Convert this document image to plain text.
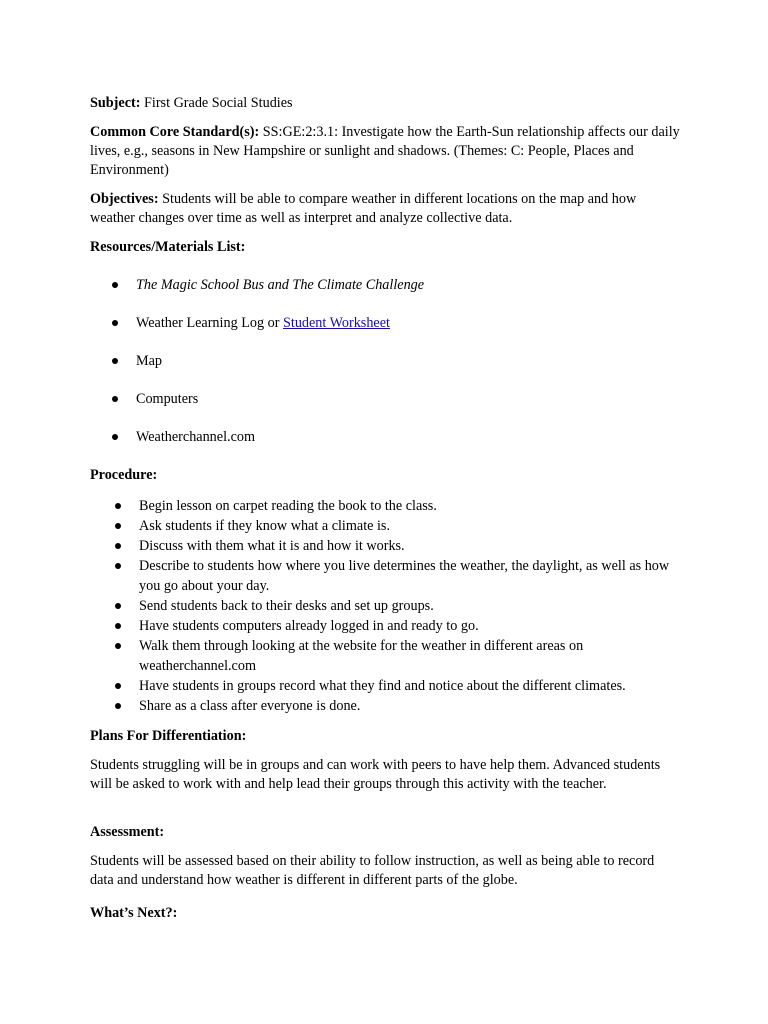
Subject: First Grade Social Studies

Common Core Standard(s): SS:GE:2:3.1: Investigate how the Earth-Sun relationship affects our daily lives, e.g., seasons in New Hampshire or sunlight and shadows. (Themes: C: People, Places and Environment)

Objectives: Students will be able to compare weather in different locations on the map and how weather changes over time as well as interpret and analyze collective data.

Resources/Materials List:

The Magic School Bus and The Climate Challenge
Weather Learning Log or Student Worksheet
Map
Computers
Weatherchannel.com

Procedure:

Begin lesson on carpet reading the book to the class.
Ask students if they know what a climate is.
Discuss with them what it is and how it works.
Describe to students how where you live determines the weather, the daylight, as well as how you go about your day.
Send students back to their desks and set up groups.
Have students computers already logged in and ready to go.
Walk them through looking at the website for the weather in different areas on weatherchannel.com
Have students in groups record what they find and notice about the different climates.
Share as a class after everyone is done.

Plans For Differentiation:

Students struggling will be in groups and can work with peers to have help them. Advanced students will be asked to work with and help lead their groups through this activity with the teacher.

Assessment:

Students will be assessed based on their ability to follow instruction, as well as being able to record data and understand how weather is different in different parts of the globe.

What’s Next?:
